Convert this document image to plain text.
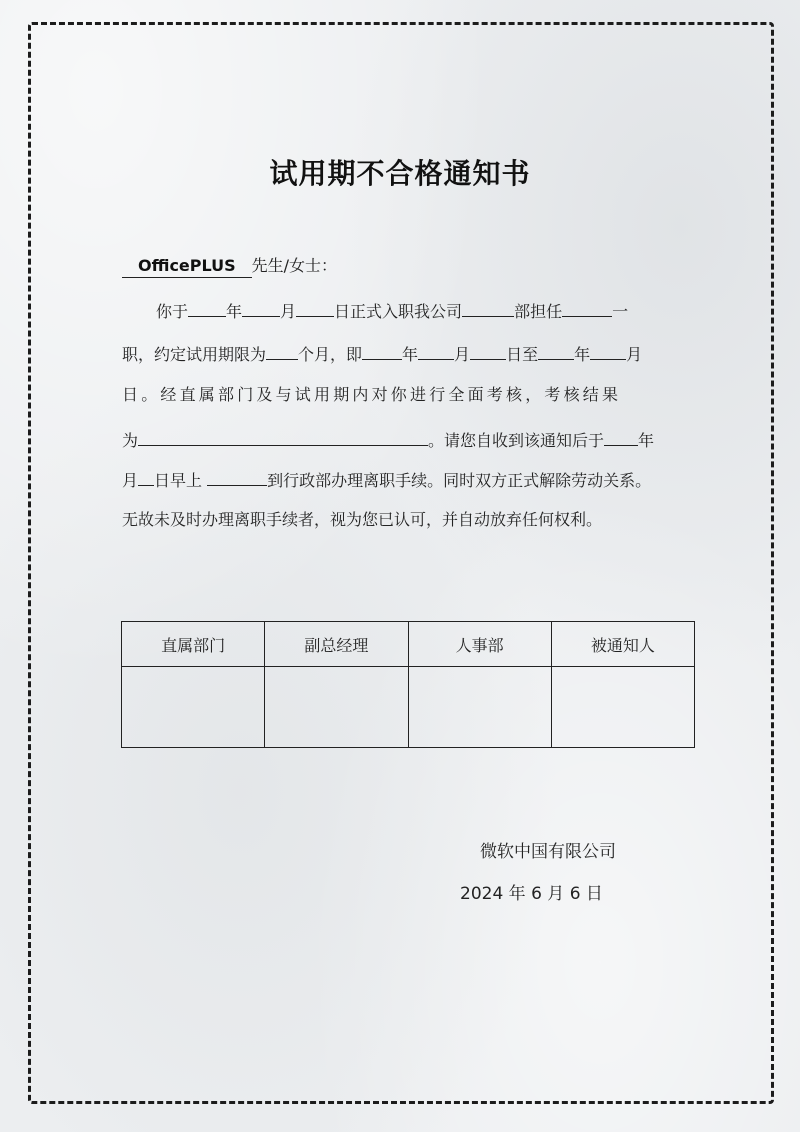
试用期不合格通知书
OfficePLUS 先生/女士：
你于 年 月 日正式入职我公司	部担任	一
职，约定试用期限为 个月，即	年 月 日至 年 月
日。经直属部门及与试用期内对你进行全面考核，考核结果
为	。请您自收到该通知后于 年
月 日早上	到行政部办理离职手续。同时双方正式解除劳动关系。
无故未及时办理离职手续者，视为您已认可，并自动放弃任何权利。
直属部门	副总经理	人事部	被通知人

微软中国有限公司
2024 年 6 月 6 日
